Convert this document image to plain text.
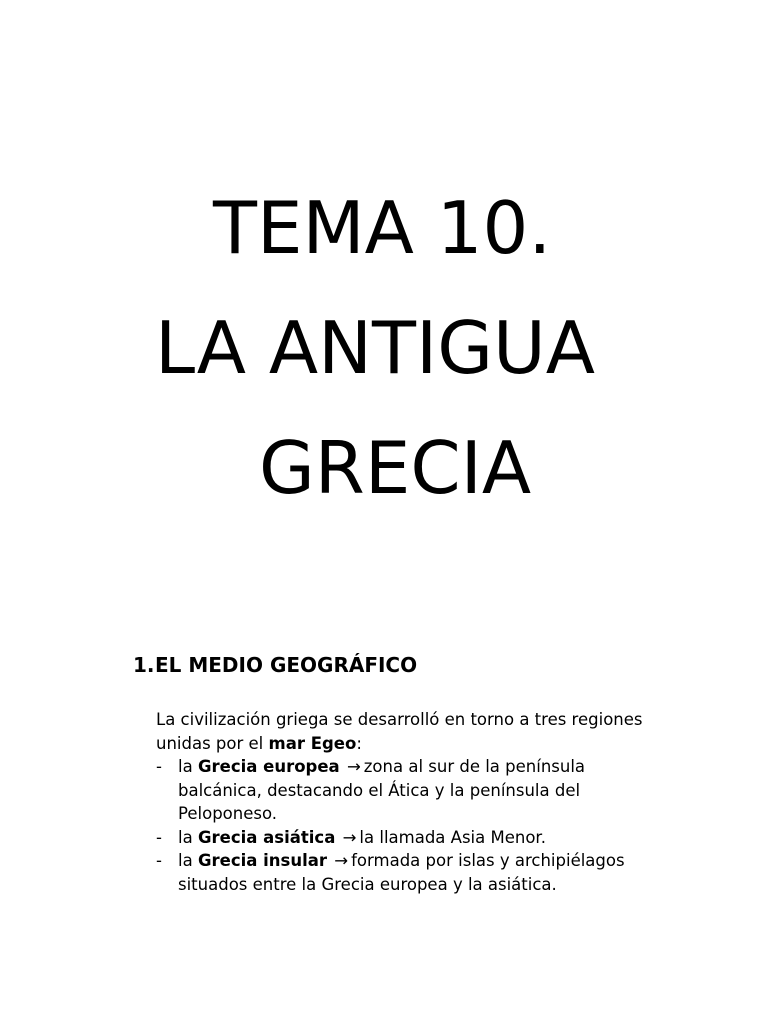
TEMA 10.
LA ANTIGUA
GRECIA
1.EL MEDIO GEOGRÁFICO
La civilización griega se desarrolló en torno a tres regiones
unidas por el mar Egeo:
- la Grecia europea → zona al sur de la península
balcánica, destacando el Ática y la península del
Peloponeso.
- la Grecia asiática → la llamada Asia Menor.
- la Grecia insular → formada por islas y archipiélagos
situados entre la Grecia europea y la asiática.
